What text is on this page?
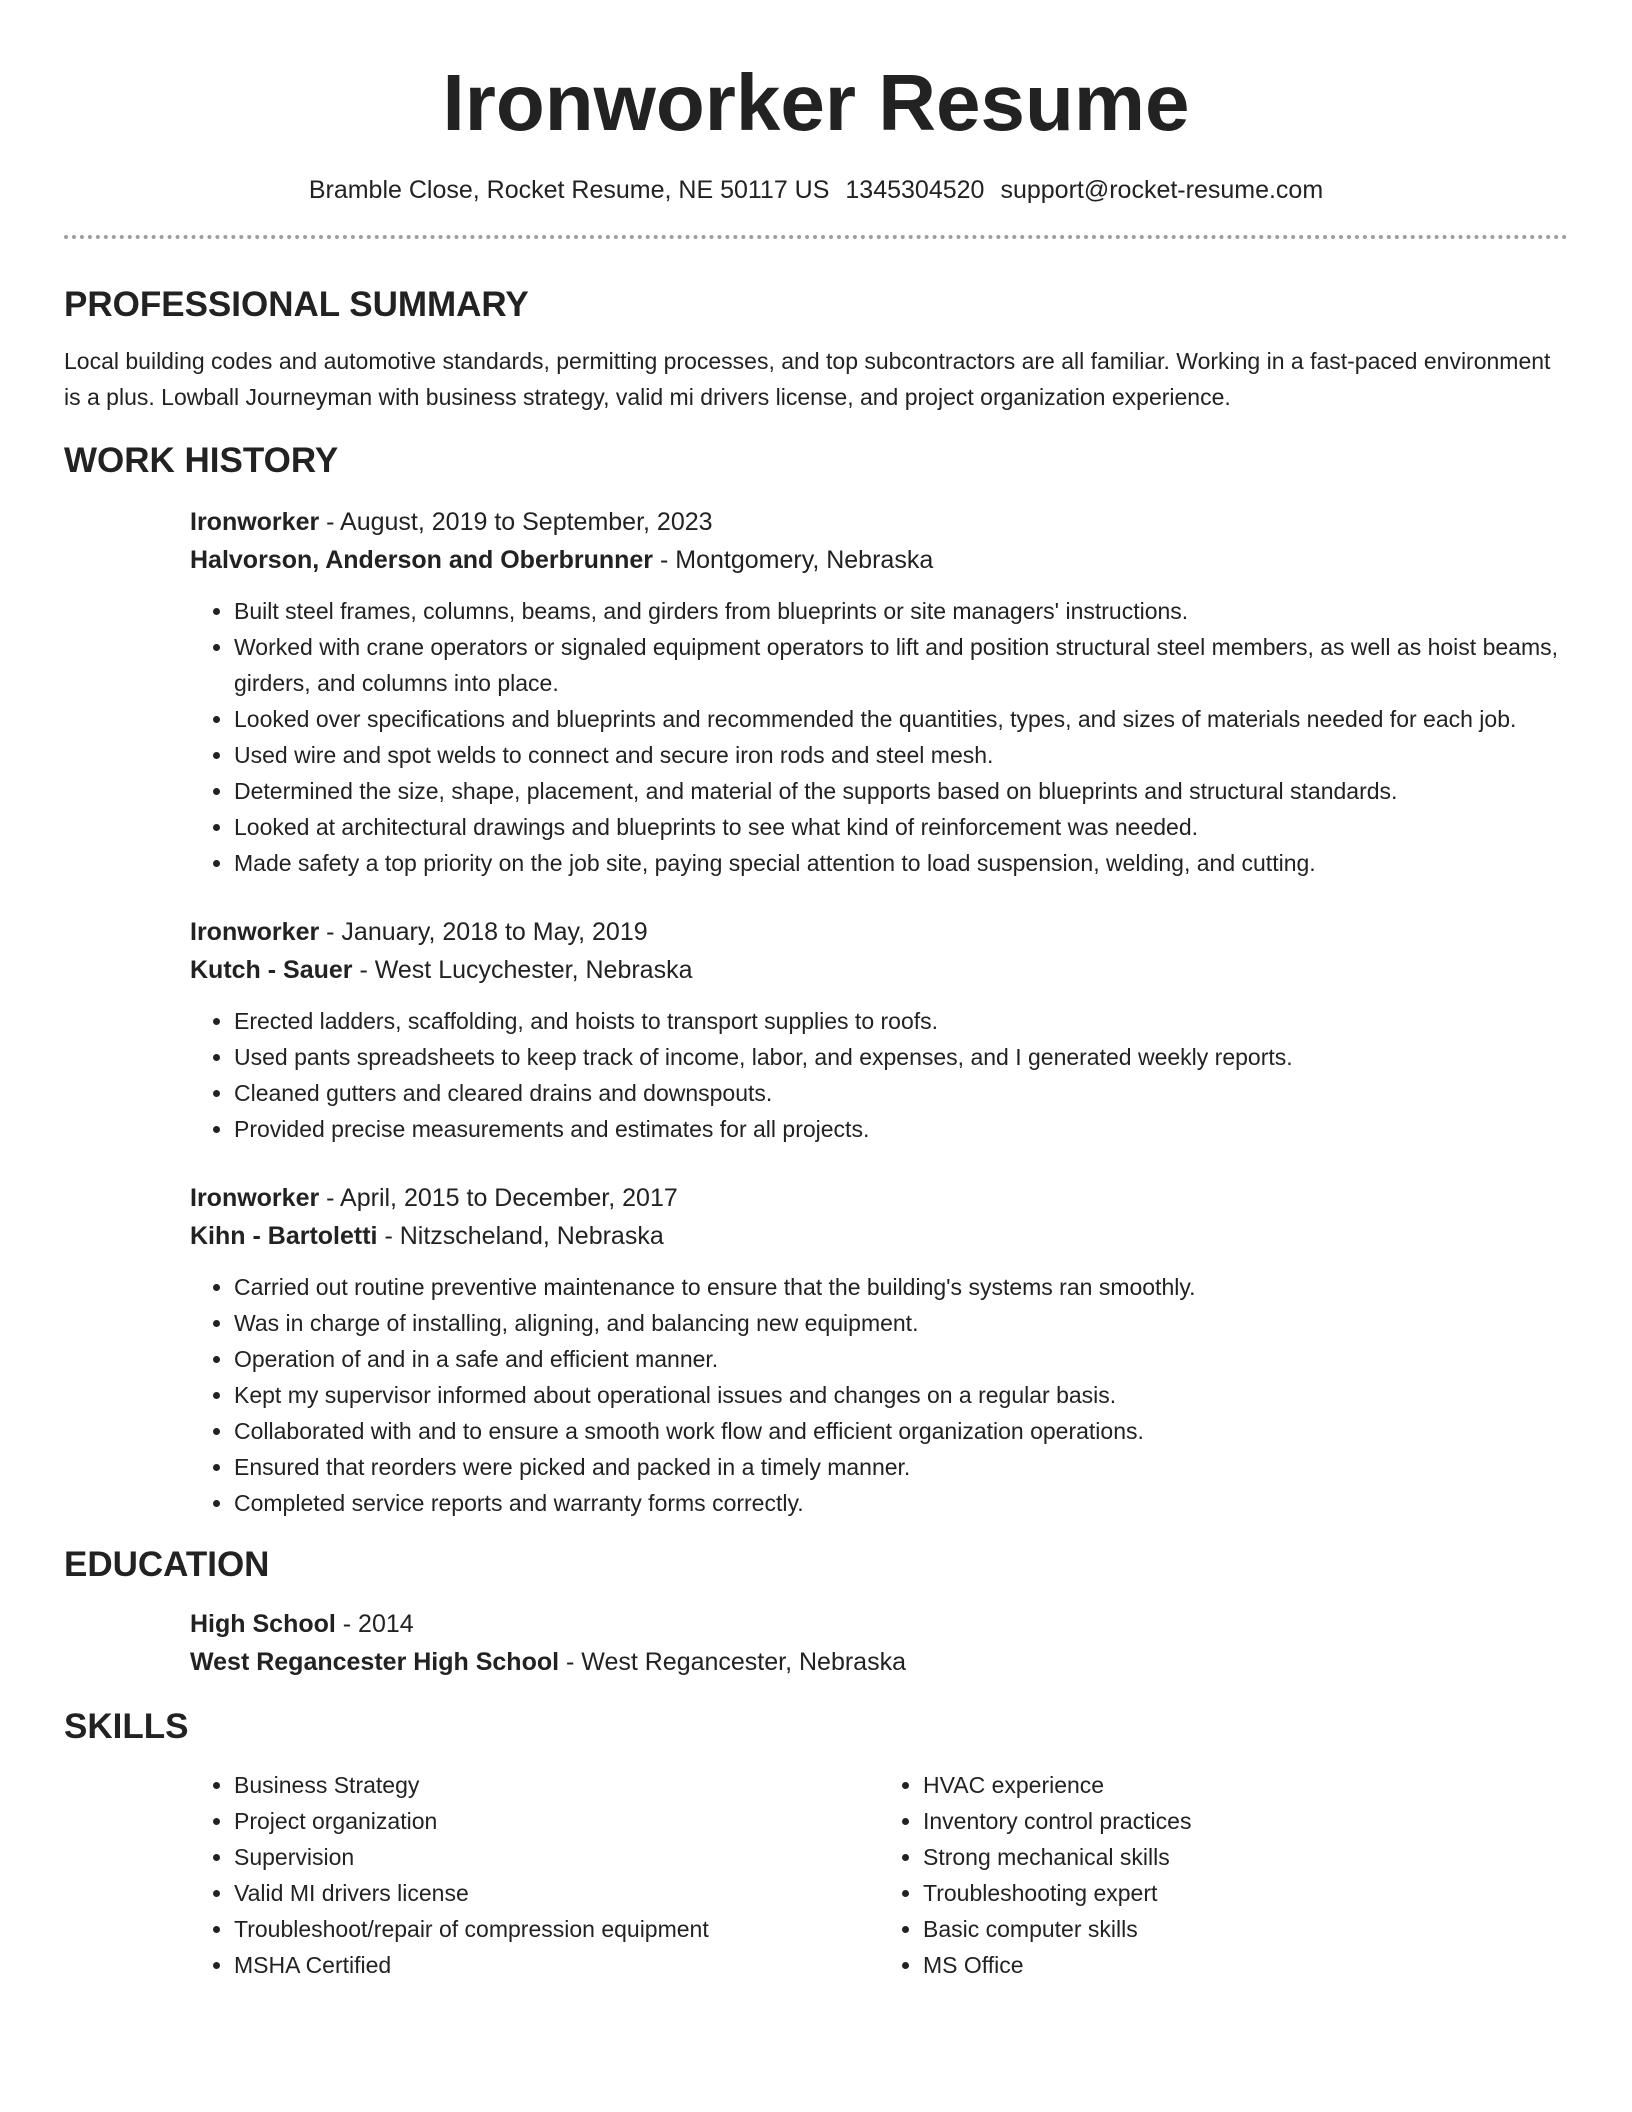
Ironworker Resume
Bramble Close, Rocket Resume, NE 50117 US 1345304520 support@rocket-resume.com
PROFESSIONAL SUMMARY

Local building codes and automotive standards, permitting processes, and top subcontractors are all familiar. Working in a fast-paced environment is a plus. Lowball Journeyman with business strategy, valid mi drivers license, and project organization experience.

WORK HISTORY
Ironworker - August, 2019 to September, 2023
Halvorson, Anderson and Oberbrunner - Montgomery, Nebraska
• Built steel frames, columns, beams, and girders from blueprints or site managers' instructions.
• Worked with crane operators or signaled equipment operators to lift and position structural steel members, as well as hoist beams, girders, and columns into place.
• Looked over specifications and blueprints and recommended the quantities, types, and sizes of materials needed for each job.
• Used wire and spot welds to connect and secure iron rods and steel mesh.
• Determined the size, shape, placement, and material of the supports based on blueprints and structural standards.
• Looked at architectural drawings and blueprints to see what kind of reinforcement was needed.
• Made safety a top priority on the job site, paying special attention to load suspension, welding, and cutting.
Ironworker - January, 2018 to May, 2019
Kutch - Sauer - West Lucychester, Nebraska
• Erected ladders, scaffolding, and hoists to transport supplies to roofs.
• Used pants spreadsheets to keep track of income, labor, and expenses, and I generated weekly reports.
• Cleaned gutters and cleared drains and downspouts.
• Provided precise measurements and estimates for all projects.
Ironworker - April, 2015 to December, 2017
Kihn - Bartoletti - Nitzscheland, Nebraska
• Carried out routine preventive maintenance to ensure that the building's systems ran smoothly.
• Was in charge of installing, aligning, and balancing new equipment.
• Operation of and in a safe and efficient manner.
• Kept my supervisor informed about operational issues and changes on a regular basis.
• Collaborated with and to ensure a smooth work flow and efficient organization operations.
• Ensured that reorders were picked and packed in a timely manner.
• Completed service reports and warranty forms correctly.
EDUCATION
High School - 2014
West Regancester High School - West Regancester, Nebraska
SKILLS
• Business Strategy
• Project organization
• Supervision
• Valid MI drivers license
• Troubleshoot/repair of compression equipment
• MSHA Certified
• HVAC experience
• Inventory control practices
• Strong mechanical skills
• Troubleshooting expert
• Basic computer skills
• MS Office
